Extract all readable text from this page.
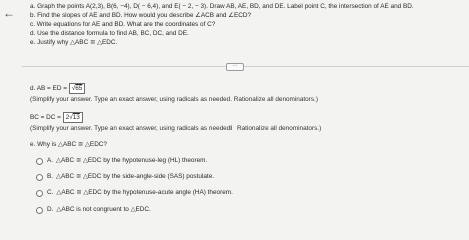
← a. Graph the points A(2,3), B(6, −4), D( − 6,4), and E( − 2, − 3). Draw AB, AE, BD, and DE. Label point C, the intersection of AE and BD.
b. Find the slopes of AE and BD. How would you describe ∠ACB and ∠ECD?
c. Write equations for AE and BD. What are the coordinates of C?
d. Use the distance formula to find AB, BC, DC, and DE.
e. Justify why △ABC ≅ △EDC.
···
d. AB = ED = √65
(Simplify your answer. Type an exact answer, using radicals as needed. Rationalize all denominators.)
BC = DC = 2√13
(Simplify your answer. Type an exact answer, using radicals as neededI Rationalize all denominators.)
e. Why is △ABC ≅ △EDC?
A. △ABC ≅ △EDC by the hypotenuse-leg (HL) theorem.
B. △ABC ≅ △EDC by the side-angle-side (SAS) postulate.
C. △ABC ≅ △EDC by the hypotenuse-acute angle (HA) theorem.
D. △ABC is not congruent to △EDC.
